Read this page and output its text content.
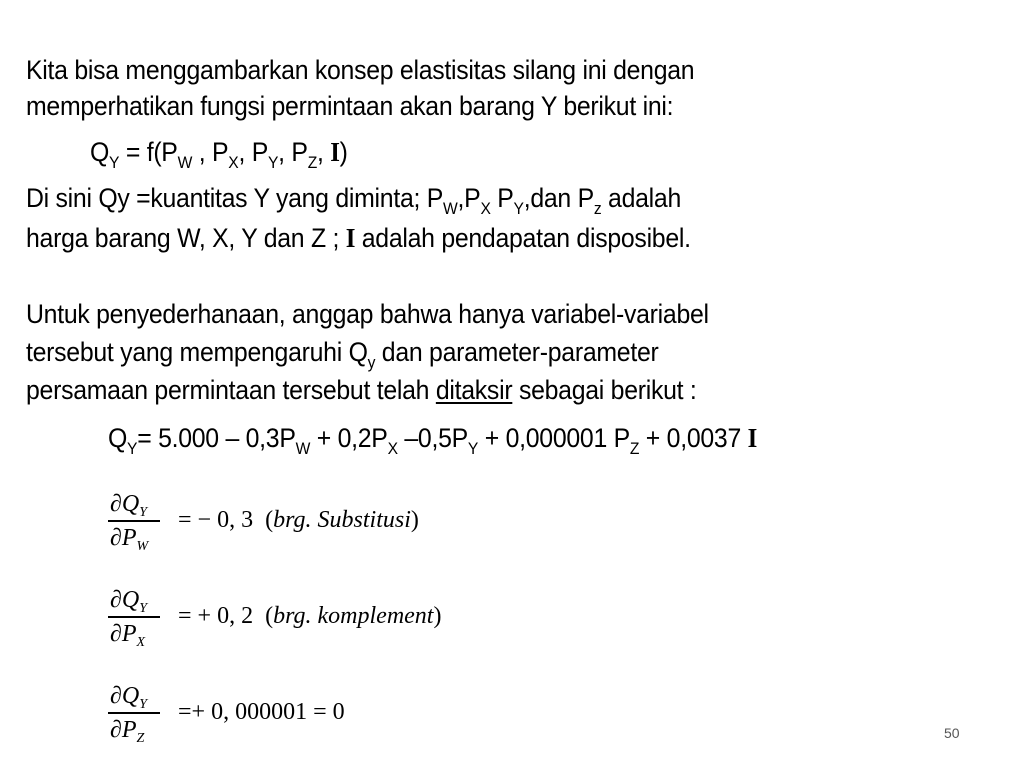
Kita bisa menggambarkan konsep elastisitas silang ini dengan
memperhatikan fungsi permintaan akan barang Y berikut ini:
$Q_Y = f(P_W$ , $P_X$, $P_Y$, $P_Z$, I)
Di sini Qy =kuantitas Y yang diminta; $P_W,P_X$ $P_Y,dan$ $P_z$ adalah
harga barang W, X, Y dan Z ; I adalah pendapatan disposibel.
Untuk penyederhanaan, anggap bahwa hanya variabel-variabel
tersebut yang mempengaruhi $Q_y$ dan parameter-parameter
persamaan permintaan tersebut telah ditaksir sebagai berikut :
$Q_Y= 5.000 - 0,3P_W + 0,2P_X$ $-0,5P_Y + 0,000001$ $P_Z + 0,0037$ I
$\frac{\partial Q_Y}{\partial P_W}$ = − 0, 3  (brg. Substitusi)
$\frac{\partial Q_Y}{\partial P_X}$ = + 0, 2  (brg. komplement)
$\frac{\partial Q_Y}{\partial P_Z} =+ 0$, 000001 = 0
50
